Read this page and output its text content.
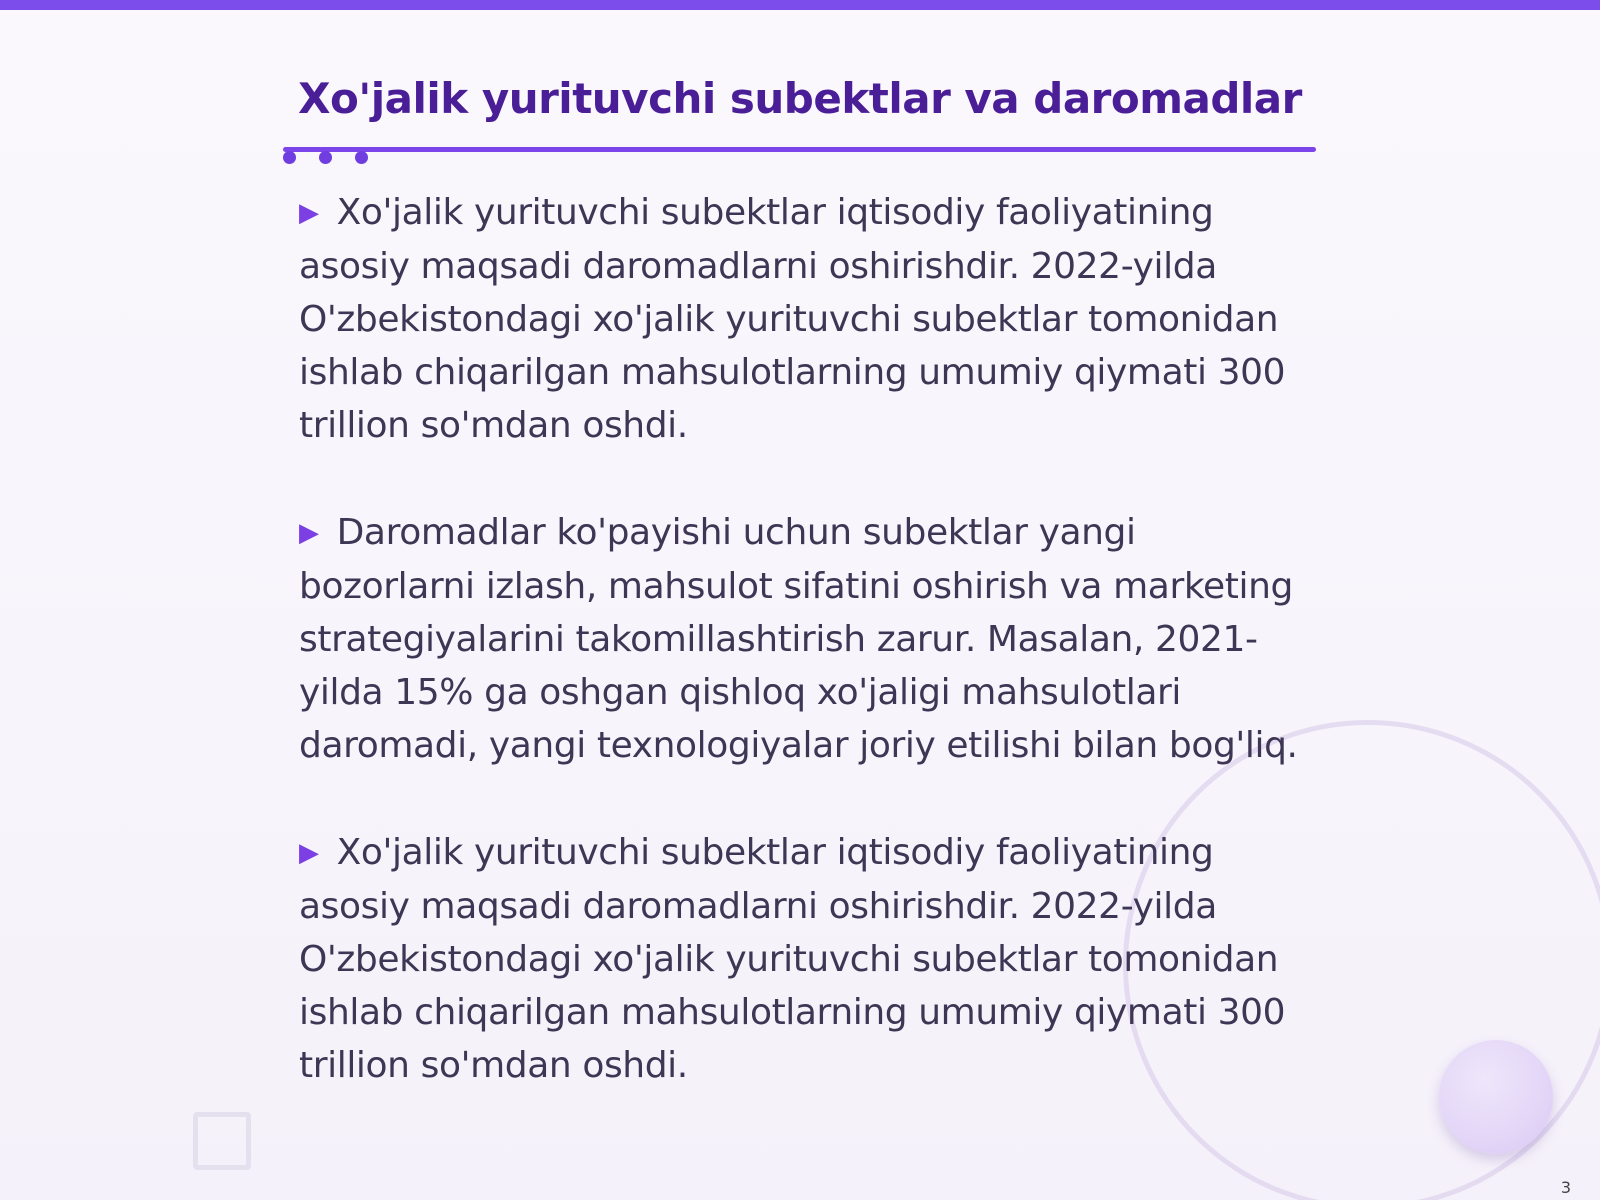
Xo'jalik yurituvchi subektlar va daromadlar

▶ Xo'jalik yurituvchi subektlar iqtisodiy faoliyatining asosiy maqsadi daromadlarni oshirishdir. 2022-yilda O'zbekistondagi xo'jalik yurituvchi subektlar tomonidan ishlab chiqarilgan mahsulotlarning umumiy qiymati 300 trillion so'mdan oshdi.

▶ Daromadlar ko'payishi uchun subektlar yangi bozorlarni izlash, mahsulot sifatini oshirish va marketing strategiyalarini takomillashtirish zarur. Masalan, 2021-yilda 15% ga oshgan qishloq xo'jaligi mahsulotlari daromadi, yangi texnologiyalar joriy etilishi bilan bog'liq.

▶ Xo'jalik yurituvchi subektlar iqtisodiy faoliyatining asosiy maqsadi daromadlarni oshirishdir. 2022-yilda O'zbekistondagi xo'jalik yurituvchi subektlar tomonidan ishlab chiqarilgan mahsulotlarning umumiy qiymati 300 trillion so'mdan oshdi.

3
